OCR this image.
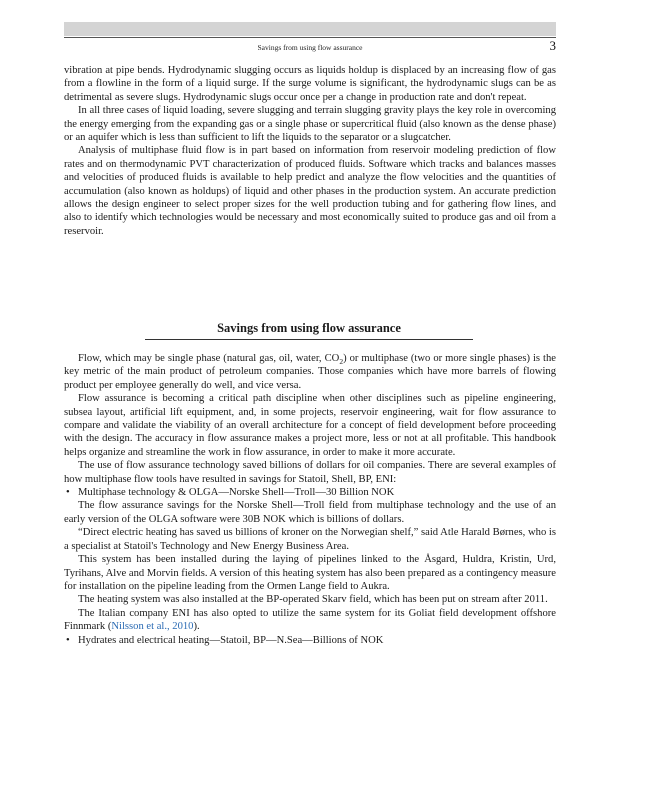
Savings from using flow assurance	3

vibration at pipe bends. Hydrodynamic slugging occurs as liquids holdup is displaced by an increasing flow of gas from a flowline in the form of a liquid surge. If the surge volume is significant, the hydrodynamic slugs can be as detrimental as severe slugs. Hydrodynamic slugs occur once per a change in production rate and don't repeat.

In all three cases of liquid loading, severe slugging and terrain slugging gravity plays the key role in overcoming the energy emerging from the expanding gas or a single phase or supercritical fluid (also known as the dense phase) or an aquifer which is less than sufficient to lift the liquids to the separator or a slugcatcher.

Analysis of multiphase fluid flow is in part based on information from reservoir modeling prediction of flow rates and on thermodynamic PVT characterization of produced fluids. Software which tracks and balances masses and velocities of produced fluids is available to help predict and analyze the flow velocities and the quantities of accumulation (also known as holdups) of liquid and other phases in the production system. An accurate prediction allows the design engineer to select proper sizes for the well production tubing and for gathering flow lines, and also to identify which technologies would be necessary and most economically suited to produce gas and oil from a reservoir.

Savings from using flow assurance

Flow, which may be single phase (natural gas, oil, water, $CO_2$) or multiphase (two or more single phases) is the key metric of the main product of petroleum companies. Those companies which have more barrels of flowing product per employee generally do well, and vice versa.

Flow assurance is becoming a critical path discipline when other disciplines such as pipeline engineering, subsea layout, artificial lift equipment, and, in some projects, reservoir engineering, wait for flow assurance to compare and validate the viability of an overall architecture for a concept of field development before proceeding with the design. The accuracy in flow assurance makes a project more, less or not at all profitable. This handbook helps organize and streamline the work in flow assurance, in order to make it more accurate.

The use of flow assurance technology saved billions of dollars for oil companies. There are several examples of how multiphase flow tools have resulted in savings for Statoil, Shell, BP, ENI:

• Multiphase technology & OLGA—Norske Shell—Troll—30 Billion NOK

The flow assurance savings for the Norske Shell—Troll field from multiphase technology and the use of an early version of the OLGA software were 30B NOK which is billions of dollars.

“Direct electric heating has saved us billions of kroner on the Norwegian shelf,” said Atle Harald Børnes, who is a specialist at Statoil's Technology and New Energy Business Area.

This system has been installed during the laying of pipelines linked to the Åsgard, Huldra, Kristin, Urd, Tyrihans, Alve and Morvin fields. A version of this heating system has also been prepared as a contingency measure for installation on the pipeline leading from the Ormen Lange field to Aukra.

The heating system was also installed at the BP-operated Skarv field, which has been put on stream after 2011.

The Italian company ENI has also opted to utilize the same system for its Goliat field development offshore Finnmark (Nilsson et al., 2010).

• Hydrates and electrical heating—Statoil, BP—N.Sea—Billions of NOK
